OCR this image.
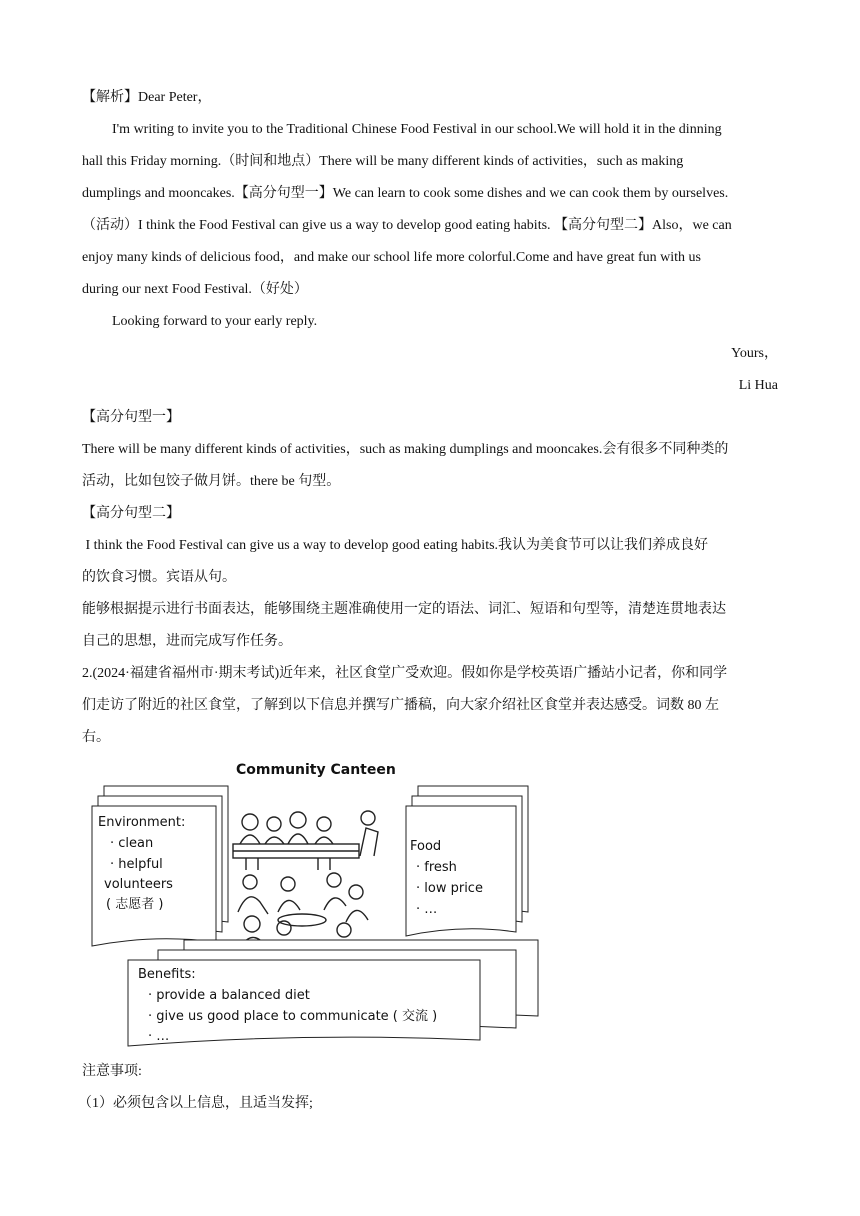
【解析】Dear Peter，
I'm writing to invite you to the Traditional Chinese Food Festival in our school.We will hold it in the dinning
hall this Friday morning.（时间和地点）There will be many different kinds of activities，such as making
dumplings and mooncakes.【高分句型一】We can learn to cook some dishes and we can cook them by ourselves.
（活动）I think the Food Festival can give us a way to develop good eating habits. 【高分句型二】Also，we can
enjoy many kinds of delicious food，and make our school life more colorful.Come and have great fun with us
during our next Food Festival.（好处）
Looking forward to your early reply.
Yours，
Li Hua
【高分句型一】
There will be many different kinds of activities，such as making dumplings and mooncakes.会有很多不同种类的
活动，比如包饺子做月饼。there be 句型。
【高分句型二】
I think the Food Festival can give us a way to develop good eating habits.我认为美食节可以让我们养成良好
的饮食习惯。宾语从句。
能够根据提示进行书面表达，能够围绕主题准确使用一定的语法、词汇、短语和句型等，清楚连贯地表达
自己的思想，进而完成写作任务。
2.(2024·福建省福州市·期末考试)近年来，社区食堂广受欢迎。假如你是学校英语广播站小记者，你和同学
们走访了附近的社区食堂，了解到以下信息并撰写广播稿，向大家介绍社区食堂并表达感受。词数 80 左
右。
Community Canteen
Environment:
· clean
· helpful
volunteers
( 志愿者 )
Food
· fresh
· low price
· …
Benefits:
· provide a balanced diet
· give us good place to communicate ( 交流 )
· …
注意事项:
（1）必须包含以上信息，且适当发挥;
